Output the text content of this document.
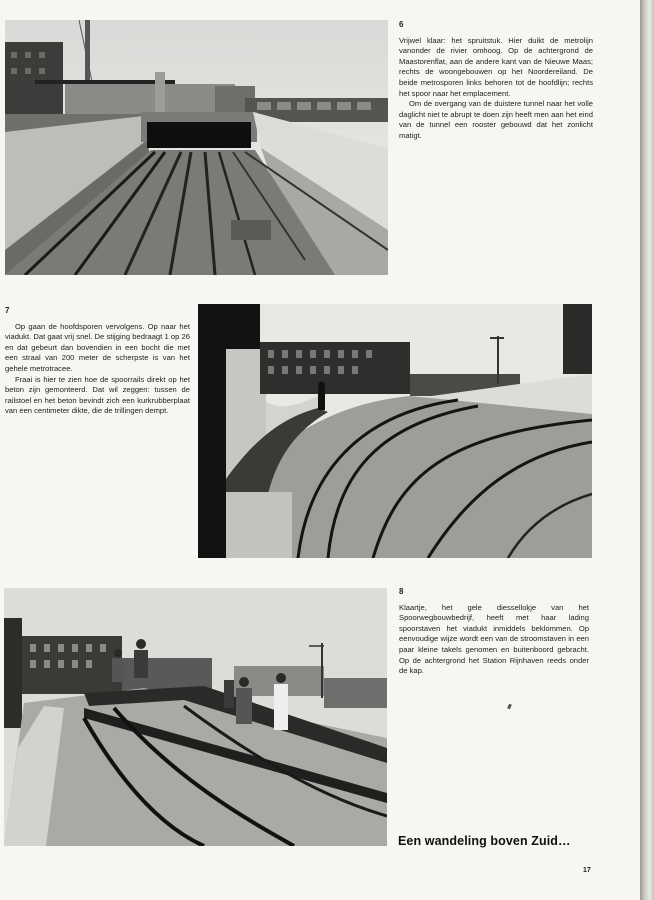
6

Vrijwel klaar: het spruitstuk. Hier duikt de metrolijn vanonder de rivier omhoog. Op de achtergrond de Maastorenflat, aan de andere kant van de Nieuwe Maas; rechts de woongebouwen op het Noordereiland. De beide metrosporen links behoren tot de hoofdlijn; rechts het spoor naar het emplacement.

Om de overgang van de duistere tunnel naar het volle daglicht niet te abrupt te doen zijn heeft men aan het eind van de tunnel een rooster gebouwd dat het zonlicht matigt.

7

Op gaan de hoofdsporen vervolgens. Op naar het viadukt. Dat gaat vrij snel. De stijging bedraagt 1 op 26 en dat gebeurt dan bovendien in een bocht die met een straal van 200 meter de scherpste is van het gehele metrotracee.

Fraai is hier te zien hoe de spoorrails direkt op het beton zijn gemonteerd. Dat wil zeggen: tussen de railstoel en het beton bevindt zich een kurkrubberplaat van een centimeter dikte, die de trillingen dempt.

8

Klaartje, het gele diesselloķje van het Spoorwegbouwbedrijf, heeft met haar lading spoorstaven het viadukt inmiddels beklommen. Op eenvoudige wijze wordt een van de stroomstaven in een paar kleine takels genomen en buitenboord gebracht. Op de achtergrond het Station Rijnhaven reeds onder de kap.

Een wandeling boven Zuid…
17
